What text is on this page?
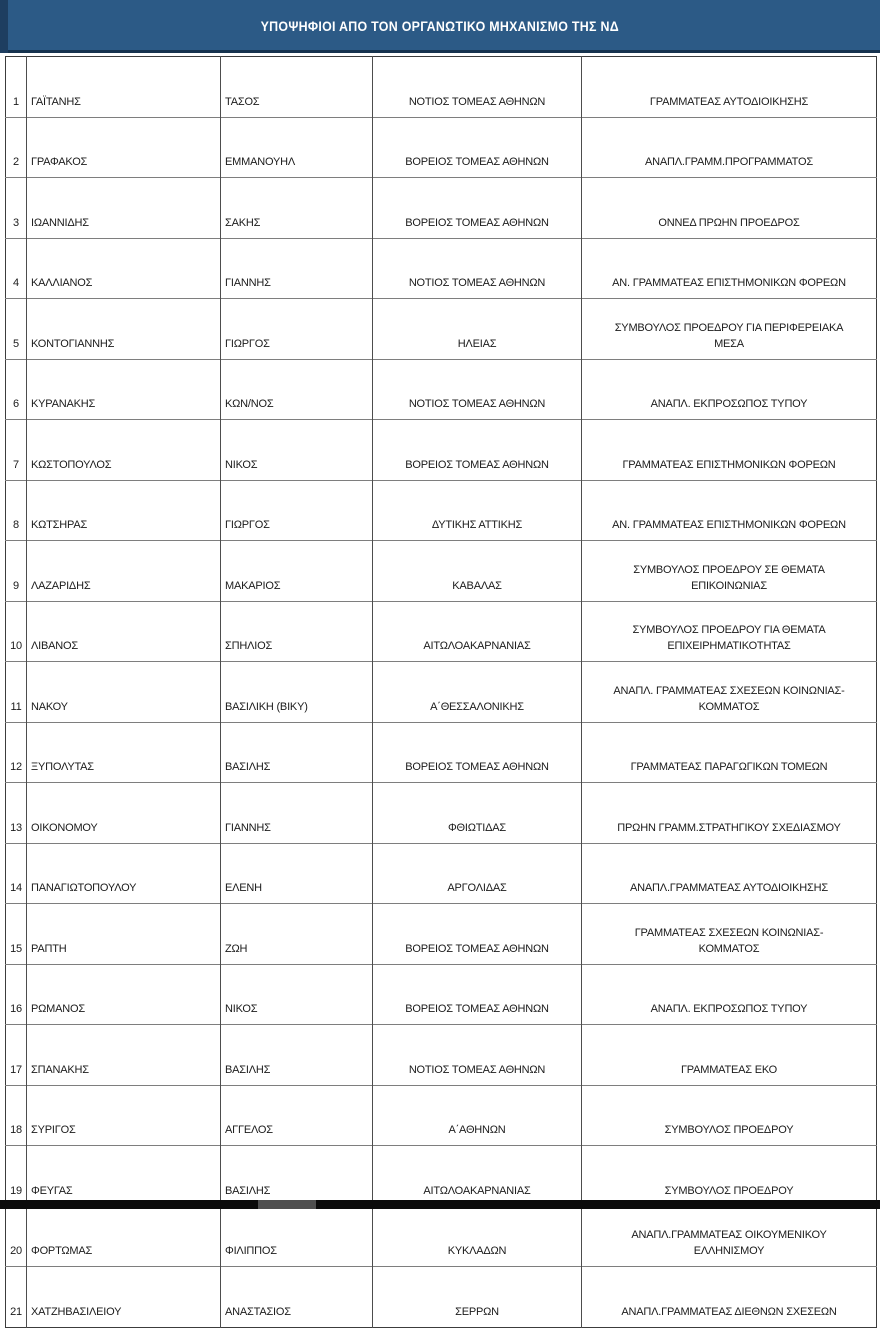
ΥΠΟΨΗΦΙΟΙ ΑΠΟ ΤΟΝ ΟΡΓΑΝΩΤΙΚΟ ΜΗΧΑΝΙΣΜΟ ΤΗΣ ΝΔ
1	ΓΑΪΤΑΝΗΣ	ΤΑΣΟΣ	ΝΟΤΙΟΣ ΤΟΜΕΑΣ ΑΘΗΝΩΝ	ΓΡΑΜΜΑΤΕΑΣ ΑΥΤΟΔΙΟΙΚΗΣΗΣ
2	ΓΡΑΦΑΚΟΣ	ΕΜΜΑΝΟΥΗΛ	ΒΟΡΕΙΟΣ ΤΟΜΕΑΣ ΑΘΗΝΩΝ	ΑΝΑΠΛ.ΓΡΑΜΜ.ΠΡΟΓΡΑΜΜΑΤΟΣ
3	ΙΩΑΝΝΙΔΗΣ	ΣΑΚΗΣ	ΒΟΡΕΙΟΣ ΤΟΜΕΑΣ ΑΘΗΝΩΝ	ΟΝΝΕΔ ΠΡΩΗΝ ΠΡΟΕΔΡΟΣ
4	ΚΑΛΛΙΑΝΟΣ	ΓΙΑΝΝΗΣ	ΝΟΤΙΟΣ ΤΟΜΕΑΣ ΑΘΗΝΩΝ	ΑΝ. ΓΡΑΜΜΑΤΕΑΣ ΕΠΙΣΤΗΜΟΝΙΚΩΝ ΦΟΡΕΩΝ
5	ΚΟΝΤΟΓΙΑΝΝΗΣ	ΓΙΩΡΓΟΣ	ΗΛΕΙΑΣ	ΣΥΜΒΟΥΛΟΣ ΠΡΟΕΔΡΟΥ ΓΙΑ ΠΕΡΙΦΕΡΕΙΑΚΑ
ΜΕΣΑ
6	ΚΥΡΑΝΑΚΗΣ	ΚΩΝ/ΝΟΣ	ΝΟΤΙΟΣ ΤΟΜΕΑΣ ΑΘΗΝΩΝ	ΑΝΑΠΛ. ΕΚΠΡΟΣΩΠΟΣ ΤΥΠΟΥ
7	ΚΩΣΤΟΠΟΥΛΟΣ	ΝΙΚΟΣ	ΒΟΡΕΙΟΣ ΤΟΜΕΑΣ ΑΘΗΝΩΝ	ΓΡΑΜΜΑΤΕΑΣ ΕΠΙΣΤΗΜΟΝΙΚΩΝ ΦΟΡΕΩΝ
8	ΚΩΤΣΗΡΑΣ	ΓΙΩΡΓΟΣ	ΔΥΤΙΚΗΣ ΑΤΤΙΚΗΣ	ΑΝ. ΓΡΑΜΜΑΤΕΑΣ ΕΠΙΣΤΗΜΟΝΙΚΩΝ ΦΟΡΕΩΝ
9	ΛΑΖΑΡΙΔΗΣ	ΜΑΚΑΡΙΟΣ	ΚΑΒΑΛΑΣ	ΣΥΜΒΟΥΛΟΣ ΠΡΟΕΔΡΟΥ ΣΕ ΘΕΜΑΤΑ
ΕΠΙΚΟΙΝΩΝΙΑΣ
10	ΛΙΒΑΝΟΣ	ΣΠΗΛΙΟΣ	ΑΙΤΩΛΟΑΚΑΡΝΑΝΙΑΣ	ΣΥΜΒΟΥΛΟΣ ΠΡΟΕΔΡΟΥ ΓΙΑ ΘΕΜΑΤΑ
ΕΠΙΧΕΙΡΗΜΑΤΙΚΟΤΗΤΑΣ
11	ΝΑΚΟΥ	ΒΑΣΙΛΙΚΗ (ΒΙΚΥ)	Α΄ΘΕΣΣΑΛΟΝΙΚΗΣ	ΑΝΑΠΛ. ΓΡΑΜΜΑΤΕΑΣ ΣΧΕΣΕΩΝ ΚΟΙΝΩΝΙΑΣ-
ΚΟΜΜΑΤΟΣ
12	ΞΥΠΟΛΥΤΑΣ	ΒΑΣΙΛΗΣ	ΒΟΡΕΙΟΣ ΤΟΜΕΑΣ ΑΘΗΝΩΝ	ΓΡΑΜΜΑΤΕΑΣ ΠΑΡΑΓΩΓΙΚΩΝ ΤΟΜΕΩΝ
13	ΟΙΚΟΝΟΜΟΥ	ΓΙΑΝΝΗΣ	ΦΘΙΩΤΙΔΑΣ	ΠΡΩΗΝ ΓΡΑΜΜ.ΣΤΡΑΤΗΓΙΚΟΥ ΣΧΕΔΙΑΣΜΟΥ
14	ΠΑΝΑΓΙΩΤΟΠΟΥΛΟΥ	ΕΛΕΝΗ	ΑΡΓΟΛΙΔΑΣ	ΑΝΑΠΛ.ΓΡΑΜΜΑΤΕΑΣ ΑΥΤΟΔΙΟΙΚΗΣΗΣ
15	ΡΑΠΤΗ	ΖΩΗ	ΒΟΡΕΙΟΣ ΤΟΜΕΑΣ ΑΘΗΝΩΝ	ΓΡΑΜΜΑΤΕΑΣ ΣΧΕΣΕΩΝ ΚΟΙΝΩΝΙΑΣ-
ΚΟΜΜΑΤΟΣ
16	ΡΩΜΑΝΟΣ	ΝΙΚΟΣ	ΒΟΡΕΙΟΣ ΤΟΜΕΑΣ ΑΘΗΝΩΝ	ΑΝΑΠΛ. ΕΚΠΡΟΣΩΠΟΣ ΤΥΠΟΥ
17	ΣΠΑΝΑΚΗΣ	ΒΑΣΙΛΗΣ	ΝΟΤΙΟΣ ΤΟΜΕΑΣ ΑΘΗΝΩΝ	ΓΡΑΜΜΑΤΕΑΣ ΕΚΟ
18	ΣΥΡΙΓΟΣ	ΑΓΓΕΛΟΣ	Α΄ΑΘΗΝΩΝ	ΣΥΜΒΟΥΛΟΣ ΠΡΟΕΔΡΟΥ
19	ΦΕΥΓΑΣ	ΒΑΣΙΛΗΣ	ΑΙΤΩΛΟΑΚΑΡΝΑΝΙΑΣ	ΣΥΜΒΟΥΛΟΣ ΠΡΟΕΔΡΟΥ
20	ΦΟΡΤΩΜΑΣ	ΦΙΛΙΠΠΟΣ	ΚΥΚΛΑΔΩΝ	ΑΝΑΠΛ.ΓΡΑΜΜΑΤΕΑΣ ΟΙΚΟΥΜΕΝΙΚΟΥ
ΕΛΛΗΝΙΣΜΟΥ
21	ΧΑΤΖΗΒΑΣΙΛΕΙΟΥ	ΑΝΑΣΤΑΣΙΟΣ	ΣΕΡΡΩΝ	ΑΝΑΠΛ.ΓΡΑΜΜΑΤΕΑΣ ΔΙΕΘΝΩΝ ΣΧΕΣΕΩΝ
